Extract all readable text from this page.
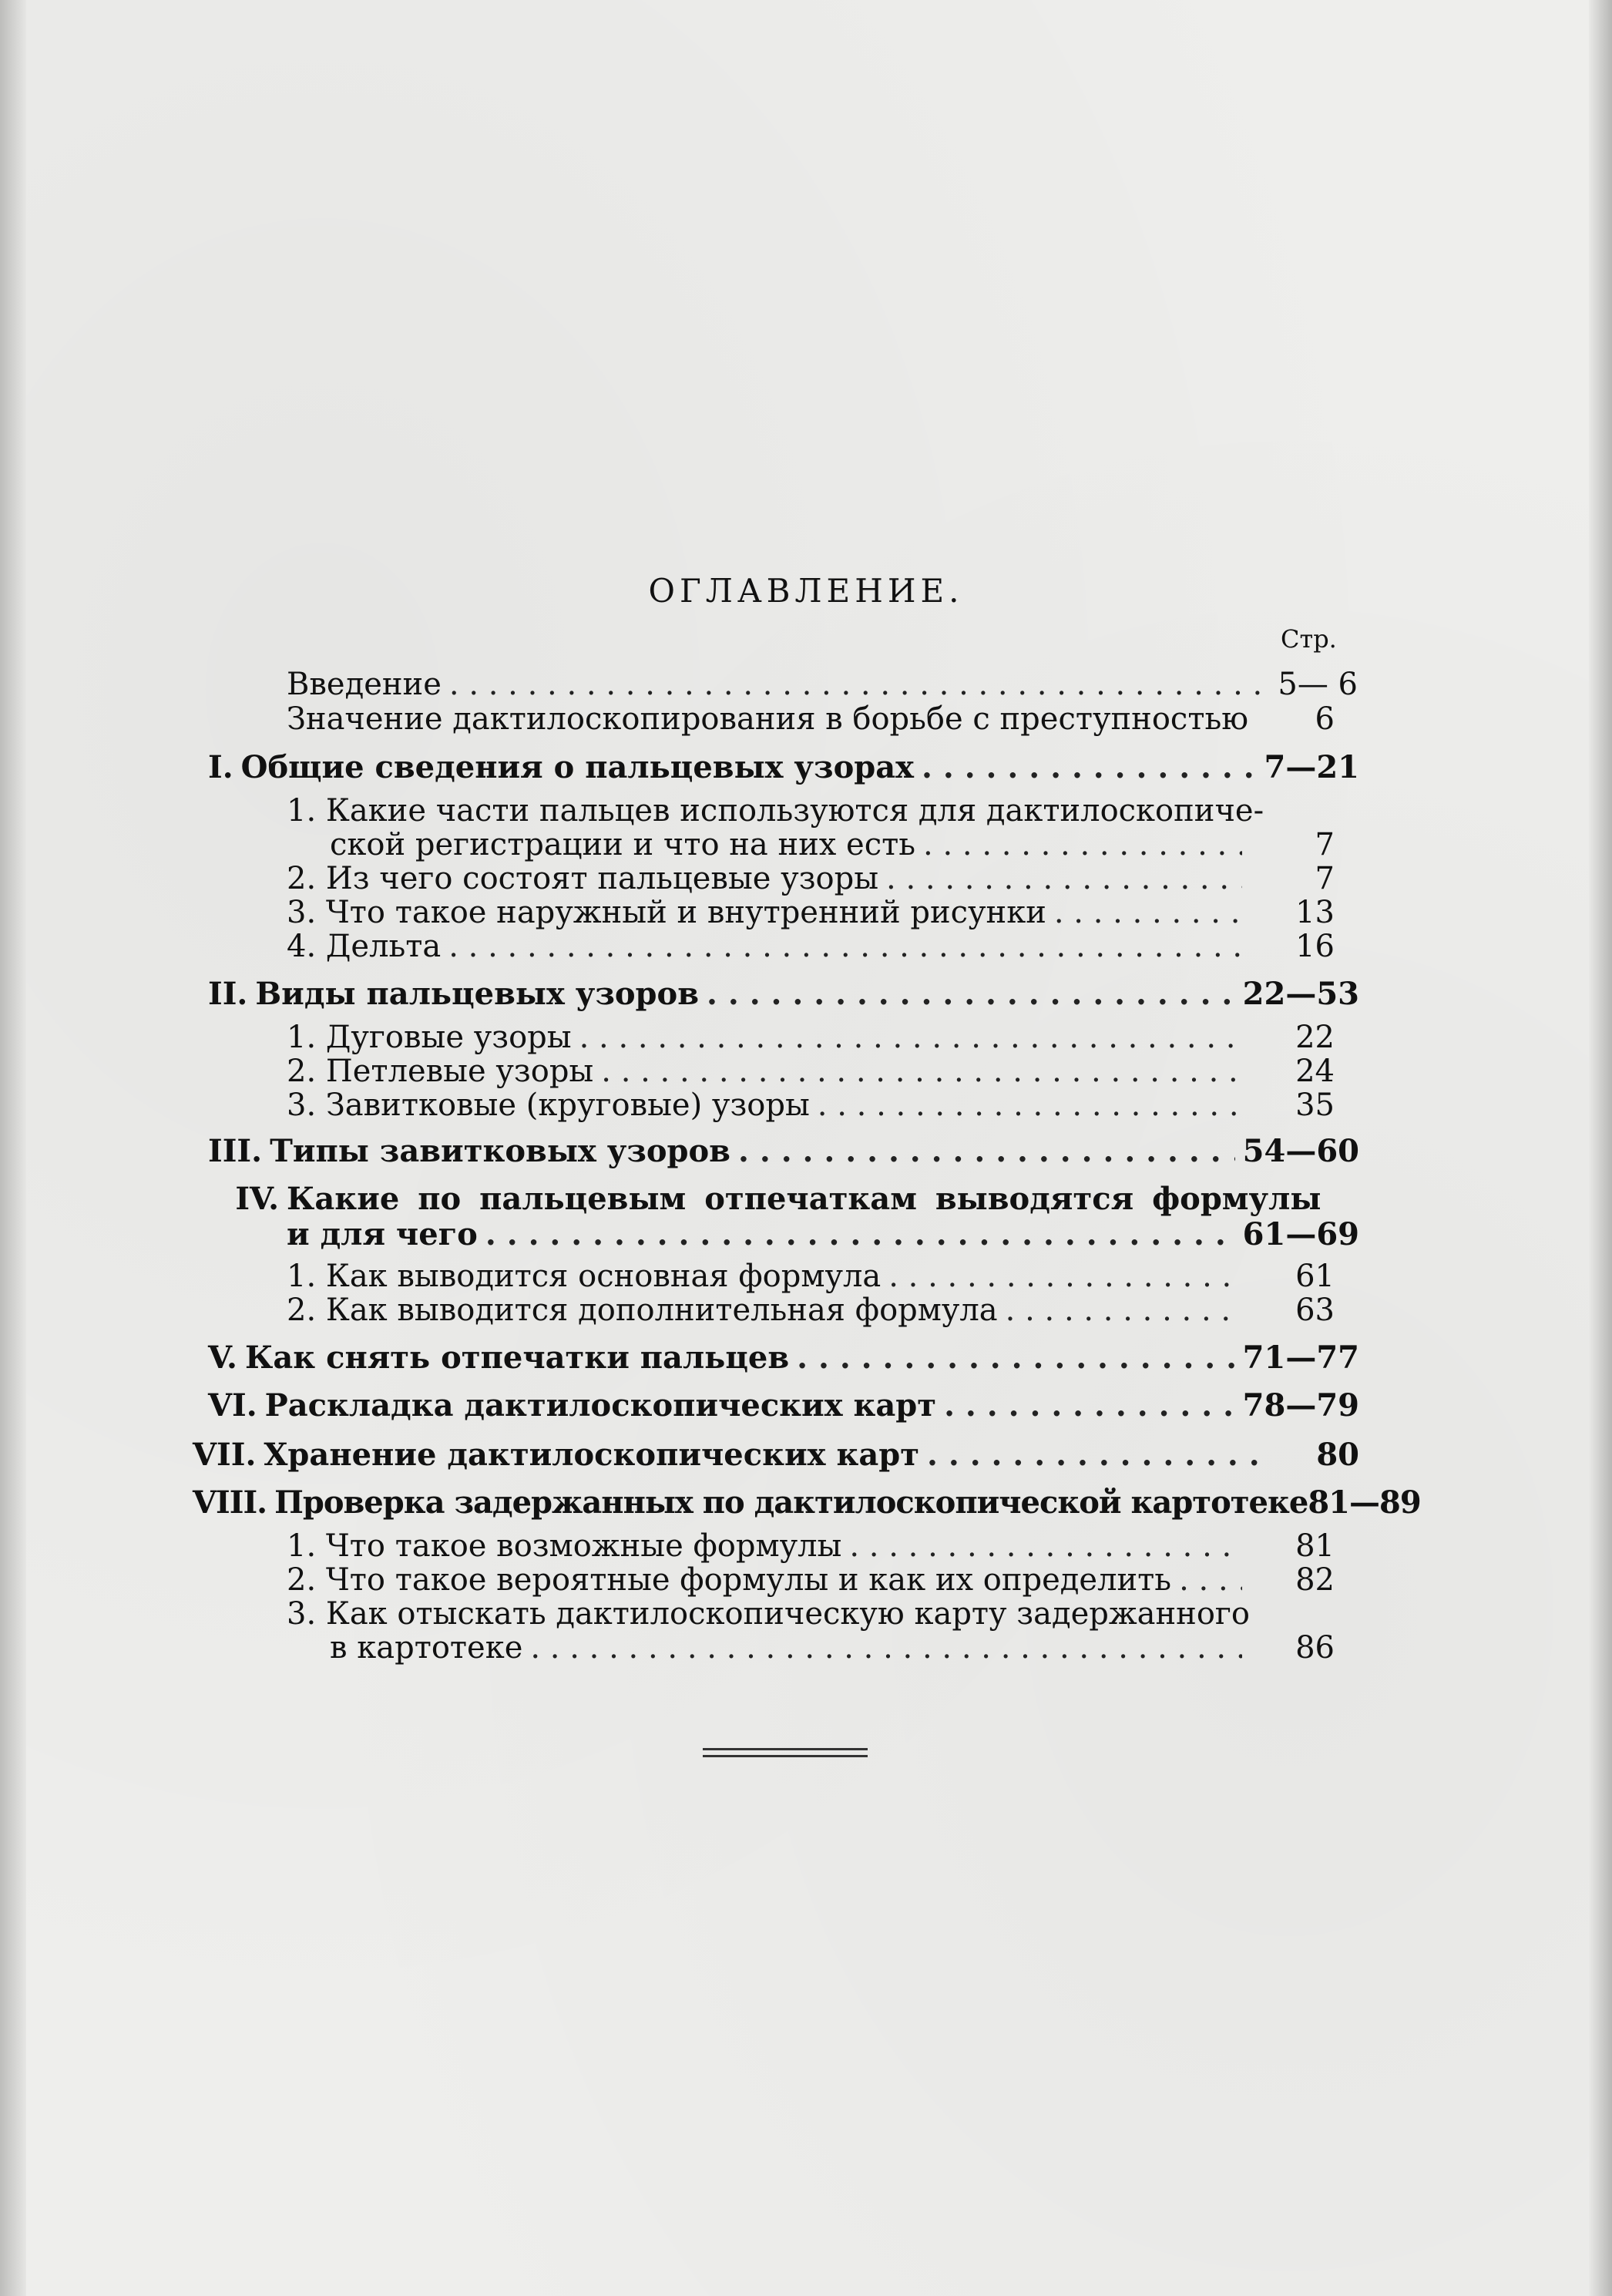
ОГЛАВЛЕНИЕ.
Стр.
Введение . . .	5— 6
Значение дактилоскопирования в борьбе с преступностью	6
I. Общие сведения о пальцевых узорах . . .	7—21
1. Какие части пальцев используются для дактилоскопиче-
ской регистрации и что на них есть . . .	7
2. Из чего состоят пальцевые узоры . . .	7
3. Что такое наружный и внутренний рисунки . . .	13
4. Дельта . . .	16
II. Виды пальцевых узоров . . .	22—53
1. Дуговые узоры . . .	22
2. Петлевые узоры . . .	24
3. Завитковые (круговые) узоры . . .	35
III. Типы завитковых узоров . . .	54—60
IV. Какие по пальцевым отпечаткам выводятся формулы
и для чего . . .	61—69
1. Как выводится основная формула . . .	61
2. Как выводится дополнительная формула . . .	63
V. Как снять отпечатки пальцев . . .	71—77
VI. Раскладка дактилоскопических карт . . .	78—79
VII. Хранение дактилоскопических карт . . .	80
VIII. Проверка задержанных по дактилоскопической картотеке 81—89
1. Что такое возможные формулы . . .	81
2. Что такое вероятные формулы и как их определить . . .	82
3. Как отыскать дактилоскопическую карту задержанного
в картотеке . . .	86
